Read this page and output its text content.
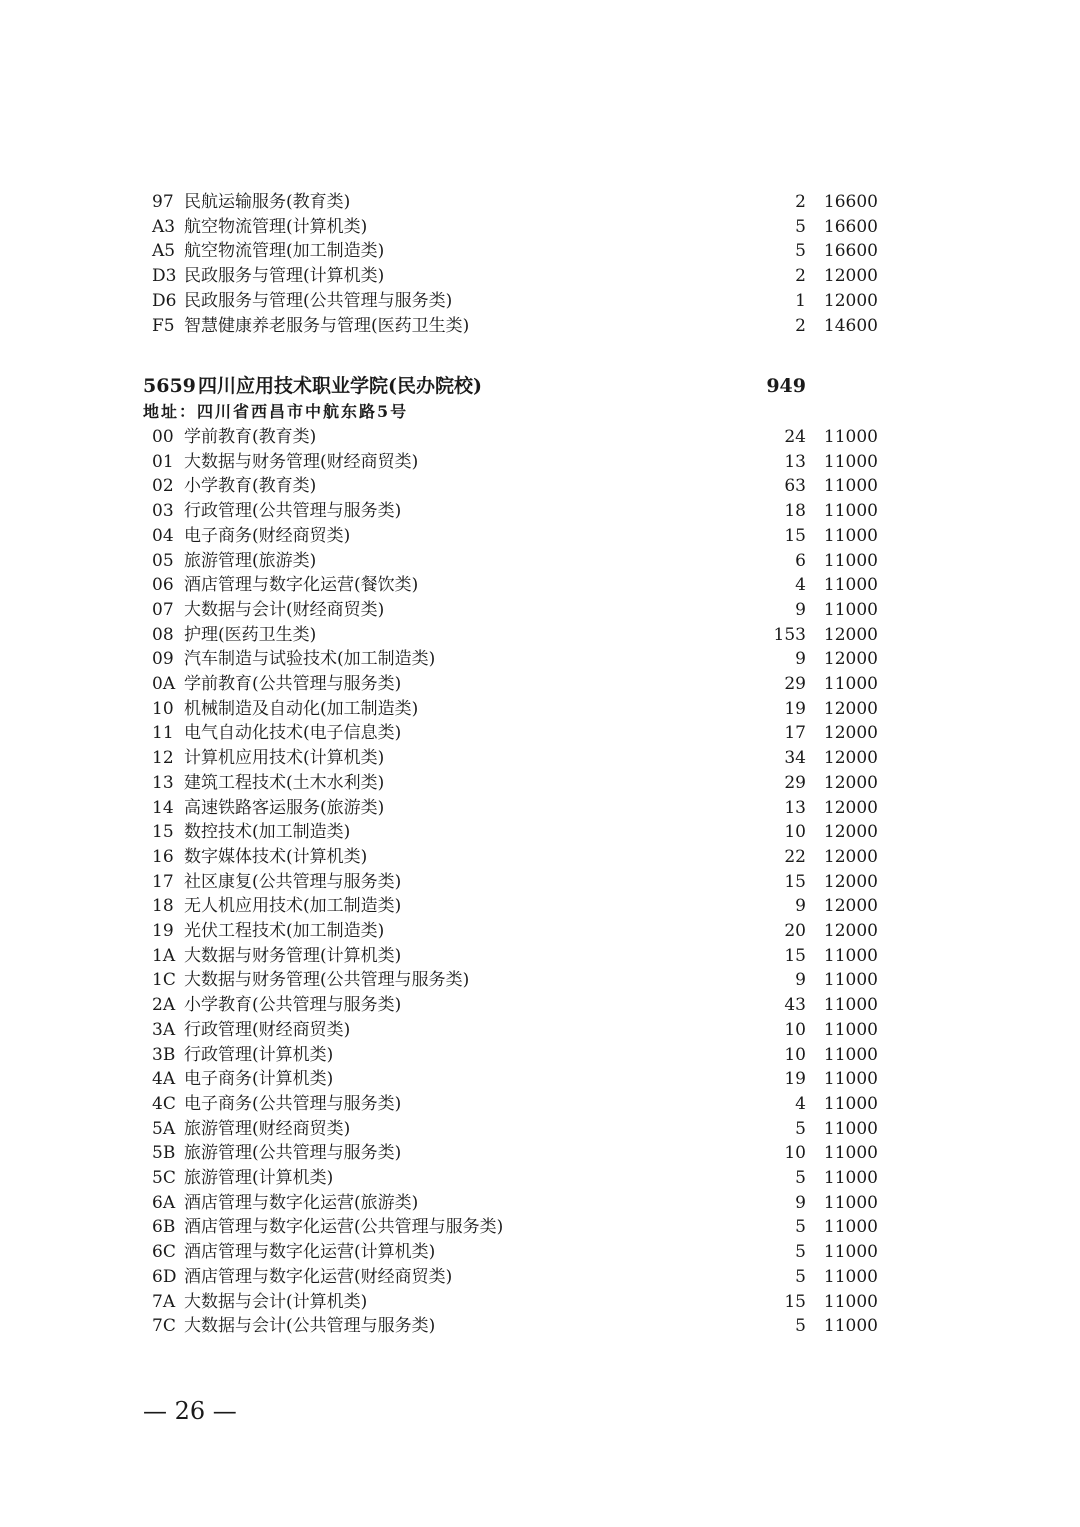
97 民航运输服务(教育类)	2 16600
A3 航空物流管理(计算机类)	5 16600
A5 航空物流管理(加工制造类)	5 16600
D3 民政服务与管理(计算机类)	2 12000
D6 民政服务与管理(公共管理与服务类)	1 12000
F5 智慧健康养老服务与管理(医药卫生类)	2 14600
5659 四川应用技术职业学院(民办院校)	949
地址：四川省西昌市中航东路5号
00 学前教育(教育类)	24 11000
01 大数据与财务管理(财经商贸类)	13 11000
02 小学教育(教育类)	63 11000
03 行政管理(公共管理与服务类)	18 11000
04 电子商务(财经商贸类)	15 11000
05 旅游管理(旅游类)	6 11000
06 酒店管理与数字化运营(餐饮类)	4 11000
07 大数据与会计(财经商贸类)	9 11000
08 护理(医药卫生类)	153 12000
09 汽车制造与试验技术(加工制造类)	9 12000
0A 学前教育(公共管理与服务类)	29 11000
10 机械制造及自动化(加工制造类)	19 12000
11 电气自动化技术(电子信息类)	17 12000
12 计算机应用技术(计算机类)	34 12000
13 建筑工程技术(土木水利类)	29 12000
14 高速铁路客运服务(旅游类)	13 12000
15 数控技术(加工制造类)	10 12000
16 数字媒体技术(计算机类)	22 12000
17 社区康复(公共管理与服务类)	15 12000
18 无人机应用技术(加工制造类)	9 12000
19 光伏工程技术(加工制造类)	20 12000
1A 大数据与财务管理(计算机类)	15 11000
1C 大数据与财务管理(公共管理与服务类)	9 11000
2A 小学教育(公共管理与服务类)	43 11000
3A 行政管理(财经商贸类)	10 11000
3B 行政管理(计算机类)	10 11000
4A 电子商务(计算机类)	19 11000
4C 电子商务(公共管理与服务类)	4 11000
5A 旅游管理(财经商贸类)	5 11000
5B 旅游管理(公共管理与服务类)	10 11000
5C 旅游管理(计算机类)	5 11000
6A 酒店管理与数字化运营(旅游类)	9 11000
6B 酒店管理与数字化运营(公共管理与服务类)	5 11000
6C 酒店管理与数字化运营(计算机类)	5 11000
6D 酒店管理与数字化运营(财经商贸类)	5 11000
7A 大数据与会计(计算机类)	15 11000
7C 大数据与会计(公共管理与服务类)	5 11000
— 26 —
